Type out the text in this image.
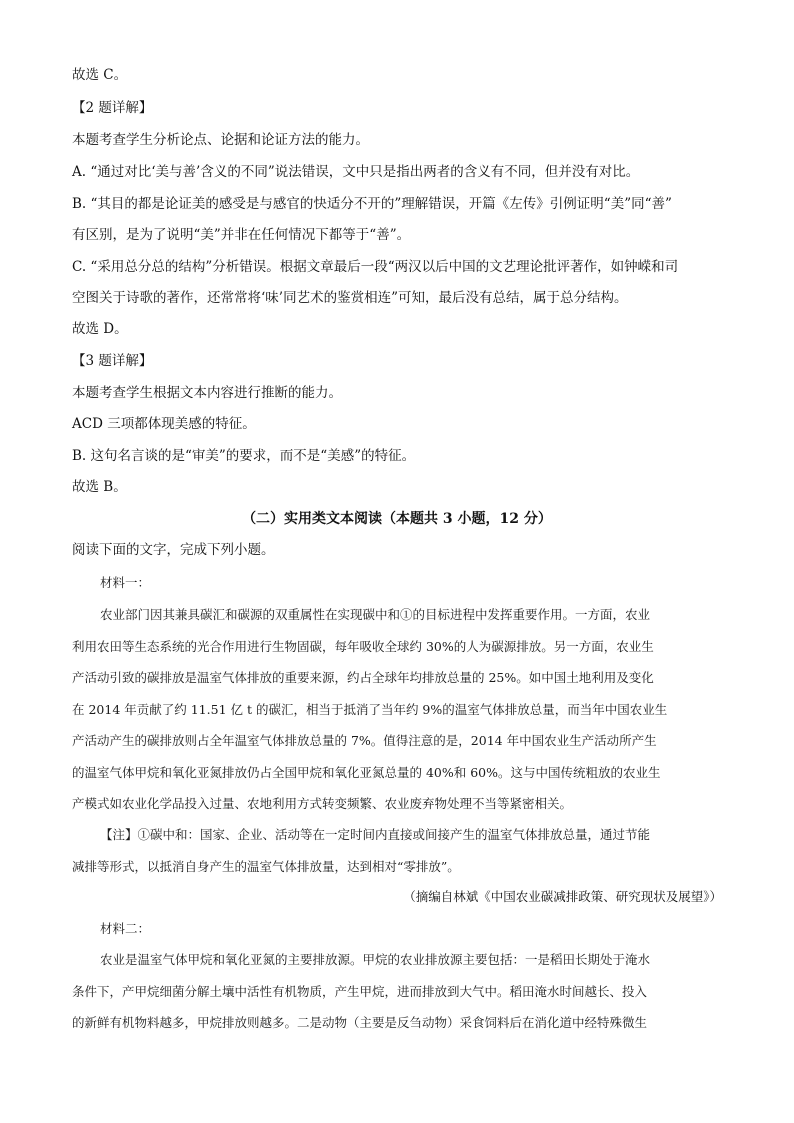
故选 C。
【2 题详解】
本题考查学生分析论点、论据和论证方法的能力。
A. “通过对比‘美与善’含义的不同”说法错误，文中只是指出两者的含义有不同，但并没有对比。
B. “其目的都是论证美的感受是与感官的快适分不开的”理解错误，开篇《左传》引例证明“美”同“善”
有区别，是为了说明“美”并非在任何情况下都等于“善”。
C. “采用总分总的结构”分析错误。根据文章最后一段“两汉以后中国的文艺理论批评著作，如钟嵘和司
空图关于诗歌的著作，还常常将‘味’同艺术的鉴赏相连”可知，最后没有总结，属于总分结构。
故选 D。
【3 题详解】
本题考查学生根据文本内容进行推断的能力。
ACD 三项都体现美感的特征。
B. 这句名言谈的是“审美”的要求，而不是“美感”的特征。
故选 B。
（二）实用类文本阅读（本题共 3 小题，12 分）
阅读下面的文字，完成下列小题。
材料一：
农业部门因其兼具碳汇和碳源的双重属性在实现碳中和①的目标进程中发挥重要作用。一方面，农业
利用农田等生态系统的光合作用进行生物固碳，每年吸收全球约 30%的人为碳源排放。另一方面，农业生
产活动引致的碳排放是温室气体排放的重要来源，约占全球年均排放总量的 25%。如中国土地利用及变化
在 2014 年贡献了约 11.51 亿 t 的碳汇，相当于抵消了当年约 9%的温室气体排放总量，而当年中国农业生
产活动产生的碳排放则占全年温室气体排放总量的 7%。值得注意的是，2014 年中国农业生产活动所产生
的温室气体甲烷和氧化亚氮排放仍占全国甲烷和氧化亚氮总量的 40%和 60%。这与中国传统粗放的农业生
产模式如农业化学品投入过量、农地利用方式转变频繁、农业废弃物处理不当等紧密相关。
【注】①碳中和：国家、企业、活动等在一定时间内直接或间接产生的温室气体排放总量，通过节能
减排等形式，以抵消自身产生的温室气体排放量，达到相对“零排放”。
（摘编自林斌《中国农业碳减排政策、研究现状及展望》）
材料二：
农业是温室气体甲烷和氧化亚氮的主要排放源。甲烷的农业排放源主要包括：一是稻田长期处于淹水
条件下，产甲烷细菌分解土壤中活性有机物质，产生甲烷，进而排放到大气中。稻田淹水时间越长、投入
的新鲜有机物料越多，甲烷排放则越多。二是动物（主要是反刍动物）采食饲料后在消化道中经特殊微生
